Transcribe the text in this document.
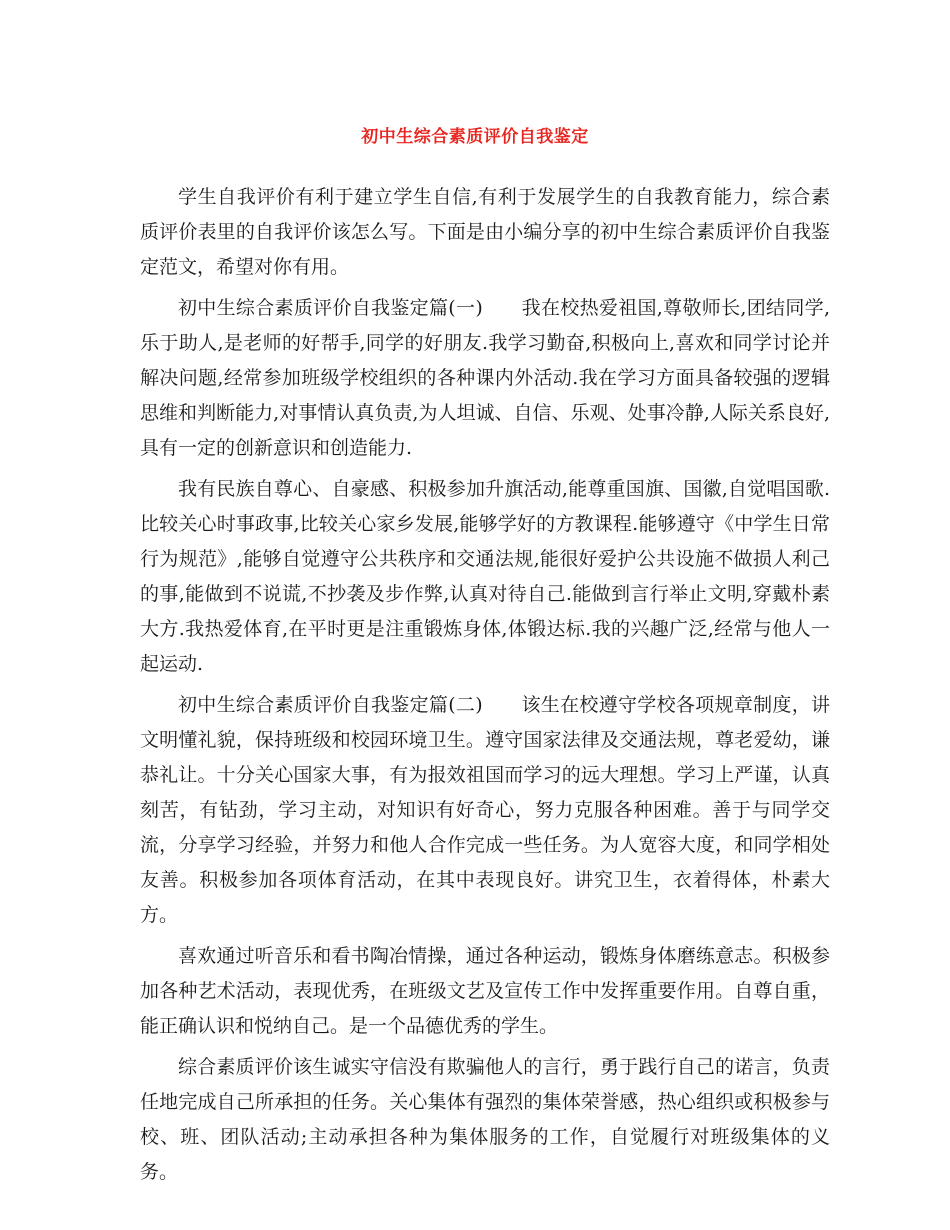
初中生综合素质评价自我鉴定

学生自我评价有利于建立学生自信,有利于发展学生的自我教育能力，综合素质评价表里的自我评价该怎么写。下面是由小编分享的初中生综合素质评价自我鉴定范文，希望对你有用。

初中生综合素质评价自我鉴定篇(一)　　我在校热爱祖国,尊敬师长,团结同学,乐于助人,是老师的好帮手,同学的好朋友.我学习勤奋,积极向上,喜欢和同学讨论并解决问题,经常参加班级学校组织的各种课内外活动.我在学习方面具备较强的逻辑思维和判断能力,对事情认真负责,为人坦诚、自信、乐观、处事冷静,人际关系良好,具有一定的创新意识和创造能力.

我有民族自尊心、自豪感、积极参加升旗活动,能尊重国旗、国徽,自觉唱国歌.比较关心时事政事,比较关心家乡发展,能够学好的方教课程.能够遵守《中学生日常行为规范》,能够自觉遵守公共秩序和交通法规,能很好爱护公共设施不做损人利己的事,能做到不说谎,不抄袭及步作弊,认真对待自己.能做到言行举止文明,穿戴朴素大方.我热爱体育,在平时更是注重锻炼身体,体锻达标.我的兴趣广泛,经常与他人一起运动.

初中生综合素质评价自我鉴定篇(二)　　该生在校遵守学校各项规章制度，讲文明懂礼貌，保持班级和校园环境卫生。遵守国家法律及交通法规，尊老爱幼，谦恭礼让。十分关心国家大事，有为报效祖国而学习的远大理想。学习上严谨，认真刻苦，有钻劲，学习主动，对知识有好奇心，努力克服各种困难。善于与同学交流，分享学习经验，并努力和他人合作完成一些任务。为人宽容大度，和同学相处友善。积极参加各项体育活动，在其中表现良好。讲究卫生，衣着得体，朴素大方。

喜欢通过听音乐和看书陶冶情操，通过各种运动，锻炼身体磨练意志。积极参加各种艺术活动，表现优秀，在班级文艺及宣传工作中发挥重要作用。自尊自重，能正确认识和悦纳自己。是一个品德优秀的学生。

综合素质评价该生诚实守信没有欺骗他人的言行，勇于践行自己的诺言，负责任地完成自己所承担的任务。关心集体有强烈的集体荣誉感，热心组织或积极参与校、班、团队活动;主动承担各种为集体服务的工作，自觉履行对班级集体的义务。
